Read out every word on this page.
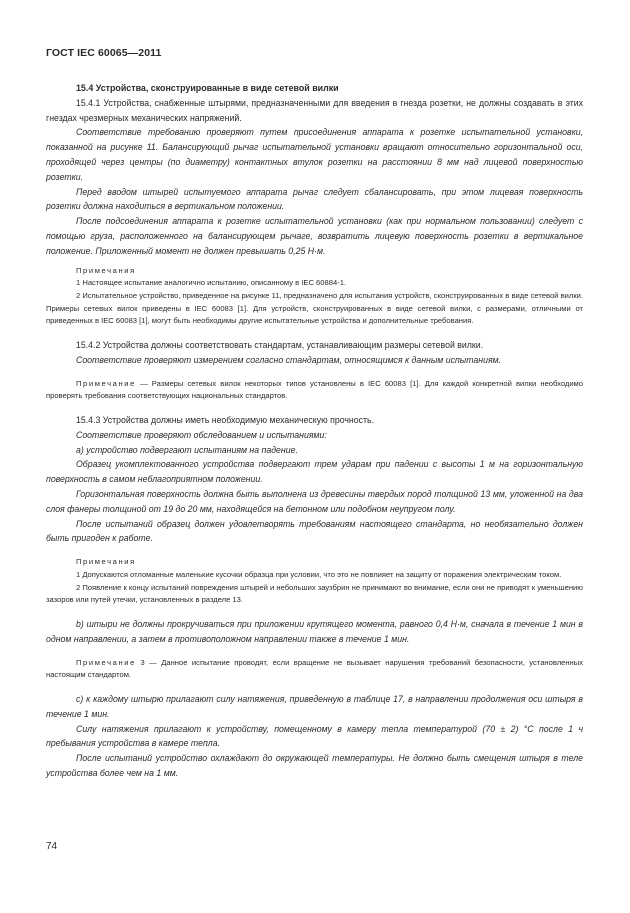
ГОСТ IEC 60065—2011

15.4 Устройства, сконструированные в виде сетевой вилки

15.4.1 Устройства, снабженные штырями, предназначенными для введения в гнезда розетки, не должны создавать в этих гнездах чрезмерных механических напряжений.

Соответствие требованию проверяют путем присоединения аппарата к розетке испытательной установки, показанной на рисунке 11. Балансирующий рычаг испытательной установки вращают относительно горизонтальной оси, проходящей через центры (по диаметру) контактных втулок розетки на расстоянии 8 мм над лицевой поверхностью розетки.

Перед вводом штырей испытуемого аппарата рычаг следует сбалансировать, при этом лицевая поверхность розетки должна находиться в вертикальном положении.

После подсоединения аппарата к розетке испытательной установки (как при нормальном пользовании) следует с помощью груза, расположенного на балансирующем рычаге, возвратить лицевую поверхность розетки в вертикальное положение. Приложенный момент не должен превышать 0,25 Н·м.

Примечания

1 Настоящее испытание аналогично испытанию, описанному в IEC 60884-1.

2 Испытательное устройство, приведенное на рисунке 11, предназначено для испытания устройств, сконструированных в виде сетевой вилки. Примеры сетевых вилок приведены в IEC 60083 [1]. Для устройств, сконструированных в виде сетевой вилки, с размерами, отличными от приведенных в IEC 60083 [1], могут быть необходимы другие испытательные устройства и дополнительные требования.

15.4.2 Устройства должны соответствовать стандартам, устанавливающим размеры сетевой вилки.

Соответствие проверяют измерением согласно стандартам, относящимся к данным испытаниям.

Примечание — Размеры сетевых вилок некоторых типов установлены в IEC 60083 [1]. Для каждой конкретной вилки необходимо проверять требования соответствующих национальных стандартов.

15.4.3 Устройства должны иметь необходимую механическую прочность.

Соответствие проверяют обследованием и испытаниями:

а) устройство подвергают испытаниям на падение.

Образец укомплектованного устройства подвергают трем ударам при падении с высоты 1 м на горизонтальную поверхность в самом неблагоприятном положении.

Горизонтальная поверхность должна быть выполнена из древесины твердых пород толщиной 13 мм, уложенной на два слоя фанеры толщиной от 19 до 20 мм, находящейся на бетонном или подобном неупругом полу.

После испытаний образец должен удовлетворять требованиям настоящего стандарта, но необязательно должен быть пригоден к работе.

Примечания

1 Допускаются отломанные маленькие кусочки образца при условии, что это не повлияет на защиту от поражения электрическим током.

2 Появление к концу испытаний повреждения штырей и небольших заузбрин не принимают во внимание, если они не приводят к уменьшению зазоров или путей утечки, установленных в разделе 13.

b) штыри не должны прокручиваться при приложении крутящего момента, равного 0,4 Н·м, сначала в течение 1 мин в одном направлении, а затем в противоположном направлении также в течение 1 мин.

Примечание 3 — Данное испытание проводят, если вращение не вызывает нарушения требований безопасности, установленных настоящим стандартом.

с) к каждому штырю прилагают силу натяжения, приведенную в таблице 17, в направлении продолжения оси штыря в течение 1 мин.

Силу натяжения прилагают к устройству, помещенному в камеру тепла температурой (70 ± 2) °С после 1 ч пребывания устройства в камере тепла.

После испытаний устройство охлаждают до окружающей температуры. Не должно быть смещения штыря в теле устройства более чем на 1 мм.

74
